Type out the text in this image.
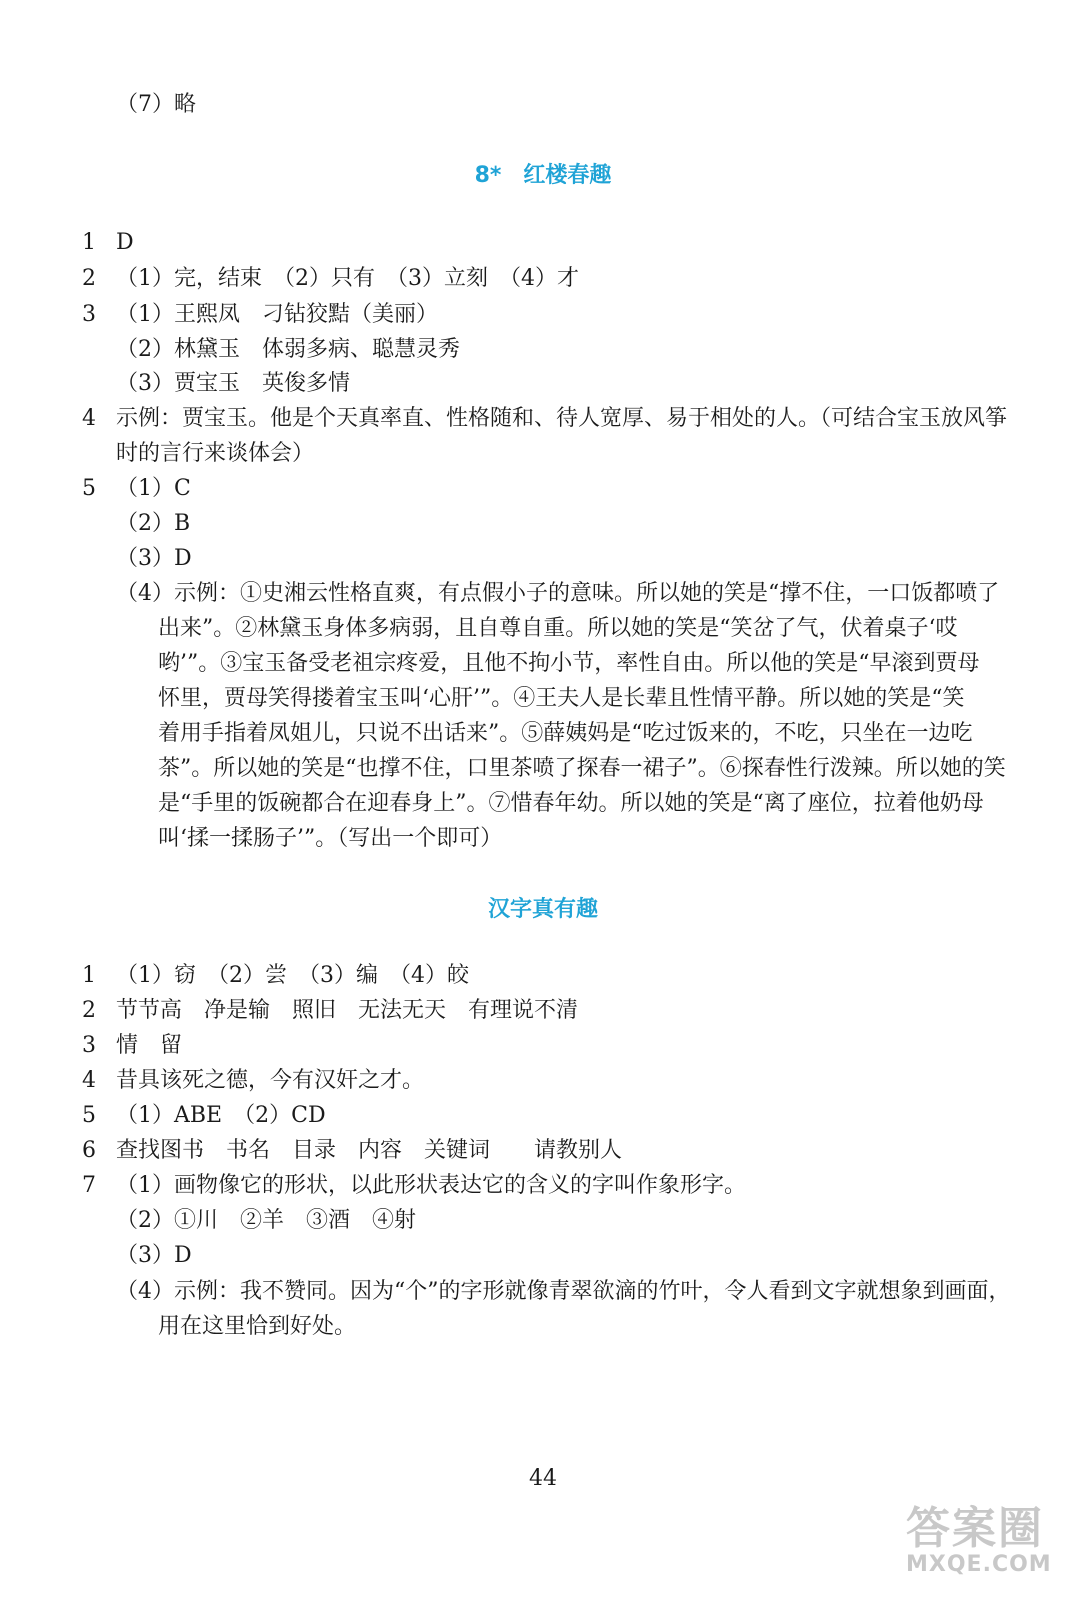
（7）略
8*　红楼春趣
1 D
2 （1）完，结束　（2）只有　（3）立刻　（4）才
3 （1）王熙凤　刁钻狡黠（美丽）
（2）林黛玉　体弱多病、聪慧灵秀
（3）贾宝玉　英俊多情
4 示例：贾宝玉。他是个天真率直、性格随和、待人宽厚、易于相处的人。（可结合宝玉放风筝
时的言行来谈体会）
5 （1）C
（2）B
（3）D
（4）示例：①史湘云性格直爽，有点假小子的意味。所以她的笑是“撑不住，一口饭都喷了
出来”。②林黛玉身体多病弱，且自尊自重。所以她的笑是“笑岔了气，伏着桌子‘哎
哟’”。③宝玉备受老祖宗疼爱，且他不拘小节，率性自由。所以他的笑是“早滚到贾母
怀里，贾母笑得搂着宝玉叫‘心肝’”。④王夫人是长辈且性情平静。所以她的笑是“笑
着用手指着凤姐儿，只说不出话来”。⑤薛姨妈是“吃过饭来的，不吃，只坐在一边吃
茶”。所以她的笑是“也撑不住，口里茶喷了探春一裙子”。⑥探春性行泼辣。所以她的笑
是“手里的饭碗都合在迎春身上”。⑦惜春年幼。所以她的笑是“离了座位，拉着他奶母
叫‘揉一揉肠子’”。（写出一个即可）
汉字真有趣
1 （1）窃　（2）尝　（3）编　（4）皎
2 节节高　净是输　照旧　无法无天　有理说不清
3 情　留
4 昔具该死之德，今有汉奸之才。
5 （1）ABE　（2）CD
6 查找图书　书名　目录　内容　关键词　　请教别人
7 （1）画物像它的形状，以此形状表达它的含义的字叫作象形字。
（2）①川　②羊　③酒　④射
（3）D
（4）示例：我不赞同。因为“个”的字形就像青翠欲滴的竹叶，令人看到文字就想象到画面，
用在这里恰到好处。
44
答案圈
MXQE.COM
